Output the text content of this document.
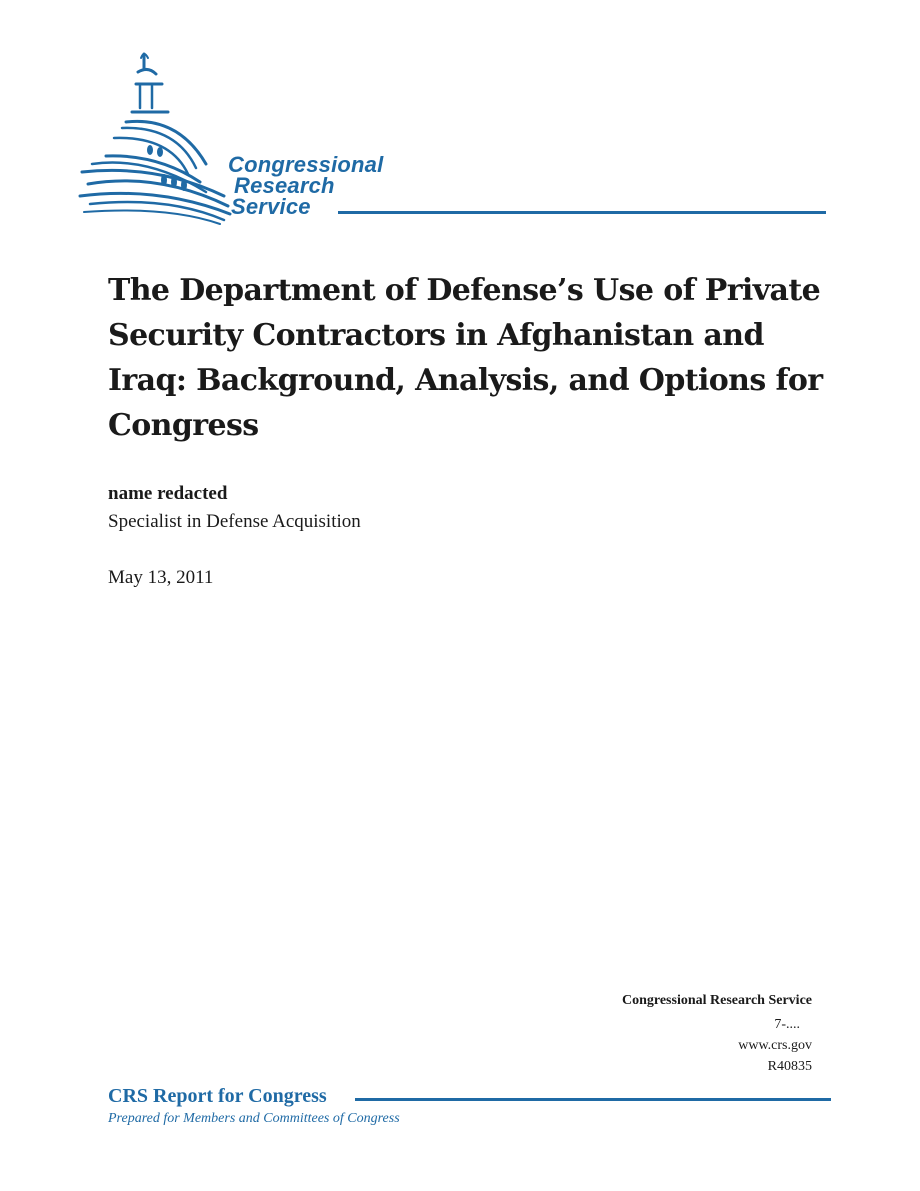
Congressional
Research
Service
The Department of Defense’s Use of Private Security Contractors in Afghanistan and Iraq: Background, Analysis, and Options for Congress
name redacted
Specialist in Defense Acquisition
May 13, 2011
Congressional Research Service
7-....
www.crs.gov
R40835
CRS Report for Congress
Prepared for Members and Committees of Congress
